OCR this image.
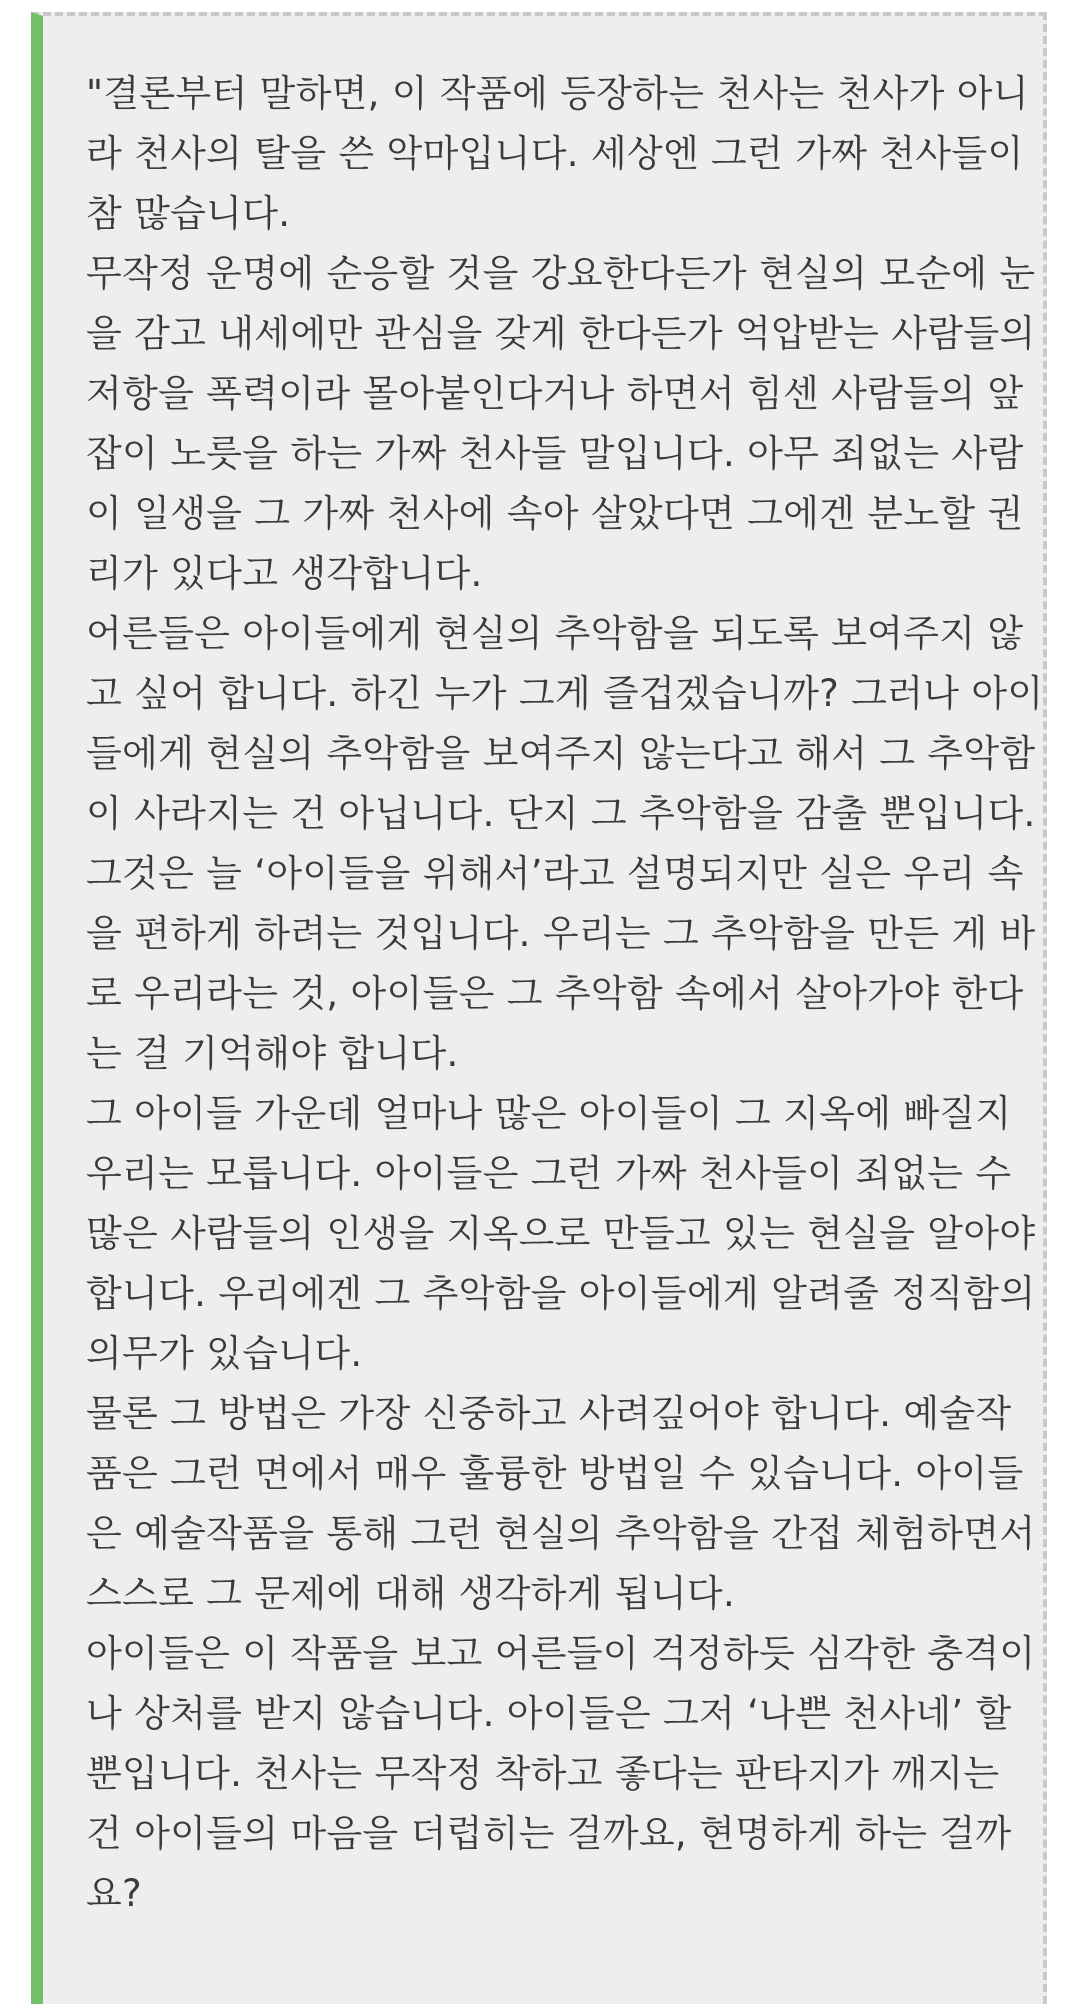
"결론부터 말하면, 이 작품에 등장하는 천사는 천사가 아니라 천사의 탈을 쓴 악마입니다. 세상엔 그런 가짜 천사들이 참 많습니다.

무작정 운명에 순응할 것을 강요한다든가 현실의 모순에 눈을 감고 내세에만 관심을 갖게 한다든가 억압받는 사람들의 저항을 폭력이라 몰아붙인다거나 하면서 힘센 사람들의 앞잡이 노릇을 하는 가짜 천사들 말입니다. 아무 죄없는 사람이 일생을 그 가짜 천사에 속아 살았다면 그에겐 분노할 권리가 있다고 생각합니다.

어른들은 아이들에게 현실의 추악함을 되도록 보여주지 않고 싶어 합니다. 하긴 누가 그게 즐겁겠습니까? 그러나 아이들에게 현실의 추악함을 보여주지 않는다고 해서 그 추악함이 사라지는 건 아닙니다. 단지 그 추악함을 감출 뿐입니다.

그것은 늘 ‘아이들을 위해서’라고 설명되지만 실은 우리 속을 편하게 하려는 것입니다. 우리는 그 추악함을 만든 게 바로 우리라는 것, 아이들은 그 추악함 속에서 살아가야 한다는 걸 기억해야 합니다.

그 아이들 가운데 얼마나 많은 아이들이 그 지옥에 빠질지 우리는 모릅니다. 아이들은 그런 가짜 천사들이 죄없는 수많은 사람들의 인생을 지옥으로 만들고 있는 현실을 알아야 합니다. 우리에겐 그 추악함을 아이들에게 알려줄 정직함의 의무가 있습니다.

물론 그 방법은 가장 신중하고 사려깊어야 합니다. 예술작품은 그런 면에서 매우 훌륭한 방법일 수 있습니다. 아이들은 예술작품을 통해 그런 현실의 추악함을 간접 체험하면서 스스로 그 문제에 대해 생각하게 됩니다.

아이들은 이 작품을 보고 어른들이 걱정하듯 심각한 충격이나 상처를 받지 않습니다. 아이들은 그저 ‘나쁜 천사네’ 할 뿐입니다. 천사는 무작정 착하고 좋다는 판타지가 깨지는 건 아이들의 마음을 더럽히는 걸까요, 현명하게 하는 걸까요?
